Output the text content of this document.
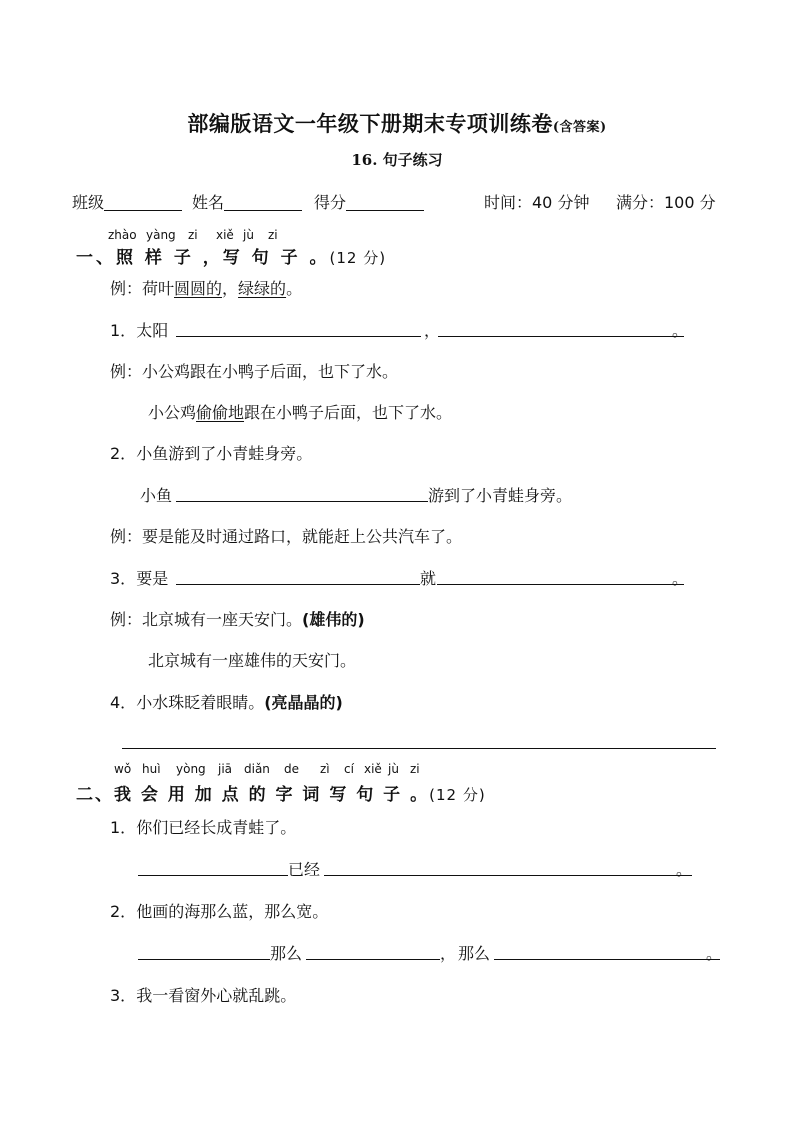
部编版语文一年级下册期末专项训练卷(含答案)
16. 句子练习
班级	姓名	得分	时间：40 分钟 满分：100 分
zhào yàng zi xiě jù zi
一、照 样 子 ，写 句 子 。(12 分)
例：荷叶圆圆的，绿绿的。
1．太阳	，	。
例：小公鸡跟在小鸭子后面，也下了水。
小公鸡偷偷地跟在小鸭子后面，也下了水。
2．小鱼游到了小青蛙身旁。
小鱼	游到了小青蛙身旁。
例：要是能及时通过路口，就能赶上公共汽车了。
3．要是	就	。
例：北京城有一座天安门。(雄伟的)
北京城有一座雄伟的天安门。
4．小水珠眨着眼睛。(亮晶晶的)
wǒ huì yòng jiā diǎn de zì cí xiě jù zi
二、我 会 用 加 点 的 字 词 写 句 子 。(12 分)
1．你们已经长成青蛙了。
已经	。
2．他画的海那么蓝，那么宽。
那么	， 那么	。
3．我一看窗外心就乱跳。
